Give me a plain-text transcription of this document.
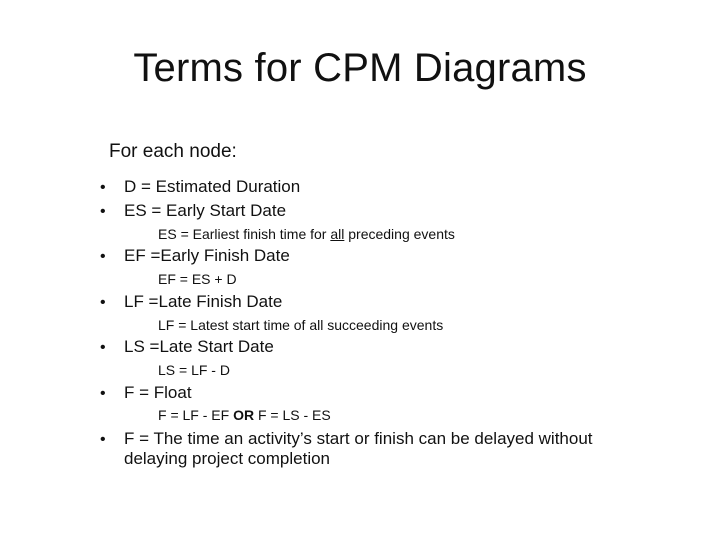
Terms for CPM Diagrams
For each node:
• D = Estimated Duration
• ES = Early Start Date
ES = Earliest finish time for all preceding events
• EF =Early Finish Date
EF = ES + D
• LF =Late Finish Date
LF = Latest start time of all succeeding events
• LS =Late Start Date
LS = LF - D
• F = Float
F = LF - EF OR F = LS - ES
• F = The time an activity’s start or finish can be delayed without delaying project completion
